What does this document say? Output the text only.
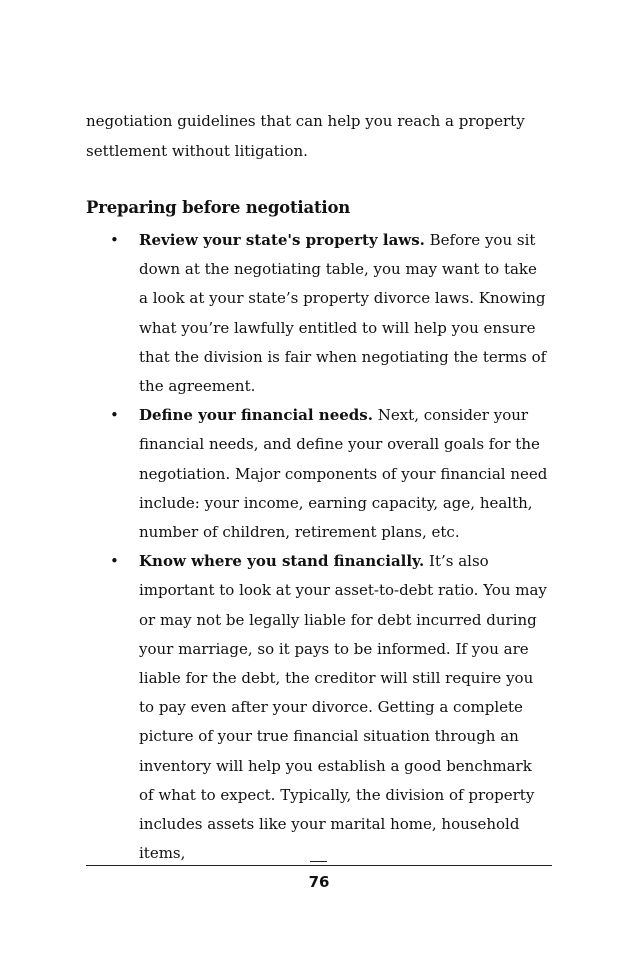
negotiation guidelines that can help you reach a property settlement without litigation.

Preparing before negotiation
• Review your state's property laws. Before you sit down at the negotiating table, you may want to take a look at your state’s property divorce laws. Knowing what you’re lawfully entitled to will help you ensure that the division is fair when negotiating the terms of the agreement.
• Define your financial needs. Next, consider your financial needs, and define your overall goals for the negotiation. Major components of your financial need include: your income, earning capacity, age, health, number of children, retirement plans, etc.
• Know where you stand financially. It’s also important to look at your asset-to-debt ratio. You may or may not be legally liable for debt incurred during your marriage, so it pays to be informed. If you are liable for the debt, the creditor will still require you to pay even after your divorce. Getting a complete picture of your true financial situation through an inventory will help you establish a good benchmark of what to expect. Typically, the division of property includes assets like your marital home, household items,

76
